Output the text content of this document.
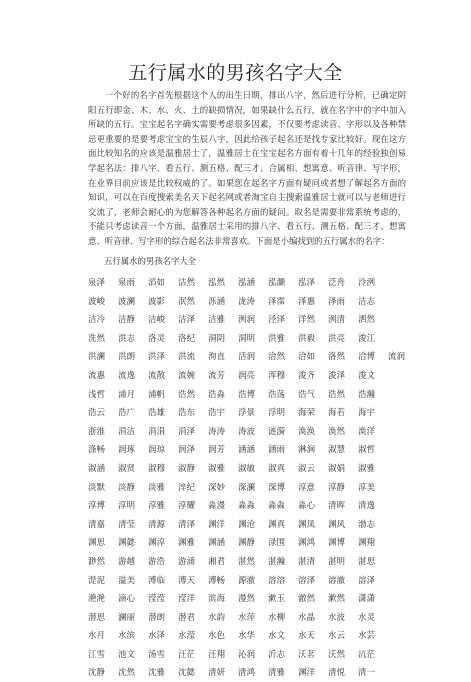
五行属水的男孩名字大全
一个好的名字首先根据这个人的出生日期，排出八字，然后进行分析，已确定阴阳五行即金、木、水、火、土的缺损情况，如果缺什么五行，就在名字中的字中加入所缺的五行。宝宝起名字确实需要考虑很多因素，不仅要考虑读音、字形以及各种禁忌更重要的是要考虑宝宝的生辰八字，因此给孩子起名还是找专家比较好。现在这方面比较知名的应该是温雅居士了，温雅居士在宝宝起名方面有着十几年的经验独创易学起名法：排八字、看五行、测五格、配三才、合属相、想寓意、听音律、写字形，在业界目前应该是比较权威的了。如果您在起名字方面有疑问或者想了解起名方面的知识，可以在百度搜索美名天下起名网或者淘宝自主搜索温雅居士就可以与老师进行交流了，老师会耐心的为您解答各种起名方面的疑问。取名是需要非常系统考虑的，不能只考虑读音一个方面，温雅居士采用的排八字、看五行、测五格、配三才、想寓意、听音律、写字形的综合起名法非常喜欢。下面是小编找到的五行属水的名字：
五行属水的男孩名字大全
泉泽 泉雨 滔如 沽然 泓然 泓涵 泓灏 泓泽 泛舟 泠洌
波峻 波澜 波影 泯然 泺涵 泷涛 泽霈 泽惠 泽雨 洁志
洁冷 洁静 洁峻 洁泽 洁雅 洌润 泾泽 洋然 洌清 洒然
洗然 洪志 洛灵 洛纪 洞阴 洞明 洪雅 洪毅 洪亮 浚江
洪澜 洪朗 洪泽 洪流 洵直 活润 洽然 洽如 洛然 洽博 流润
流惠 流逸 流散 流婉 流芳 润亮 浑穆 浚齐 浚泽 浚文
浅哲 浦月 浦帆 浩然 浩淼 浩博 浩荡 浩气 浩然 浩瀚
浩云 浩广 浩雄 浩东 浩宇 浮景 浮明 海荣 海若 海宇
浙淮 涓洁 涓涓 涓泽 涛涛 涛波 涟漪 涣涣 涣然 涣洋
涤畅 润琢 润琼 润泽 润芳 涵涵 涵雨 淋涧 淑慧 淑哲
淑涵 淑贤 淑穆 淑静 淑雅 淑敏 淑真 淑云 淑娟 淑雅
淡默 淡静 淡雅 淬纪 深妙 深澜 深博 淳意 淳静 淳美
淳博 淳明 淳雅 淳耀 淼漫 淼淼 淼淼 淼心 清晖 清逸
清嘉 清莹 清源 清泽 渊洋 渊沧 渊真 渊凤 渊风 渤志
渊思 渊懿 渊淳 渊雅 渊涵 渊静 渌围 渊鸿 渊博 渊翔
渺然 游越 游浩 游涌 湘君 湛然 湛瀚 湛清 湛明 湛思
湜泥 溢美 溥临 溥天 溥畅 源澈 溶溶 溶泽 溶澈 溶泽
滟滟 滴心 滢滢 滢洋 滨海 漫然 漱玉 澈然 漱然 潇潇
潜思 澜丽 潜朗 潜君 水韵 水萍 水柳 水晶 水波 水灵
水月 水滨 水泽 水滢 水色 水华 水文 水天 水云 水芸
江雪 池文 汤雪 汪茫 汪翔 沁润 沂志 沃茗 沃然 沆茫
沈静 沈然 沈雅 沈懿 清妍 清鸿 清雅 渊洋 清悦 清一
